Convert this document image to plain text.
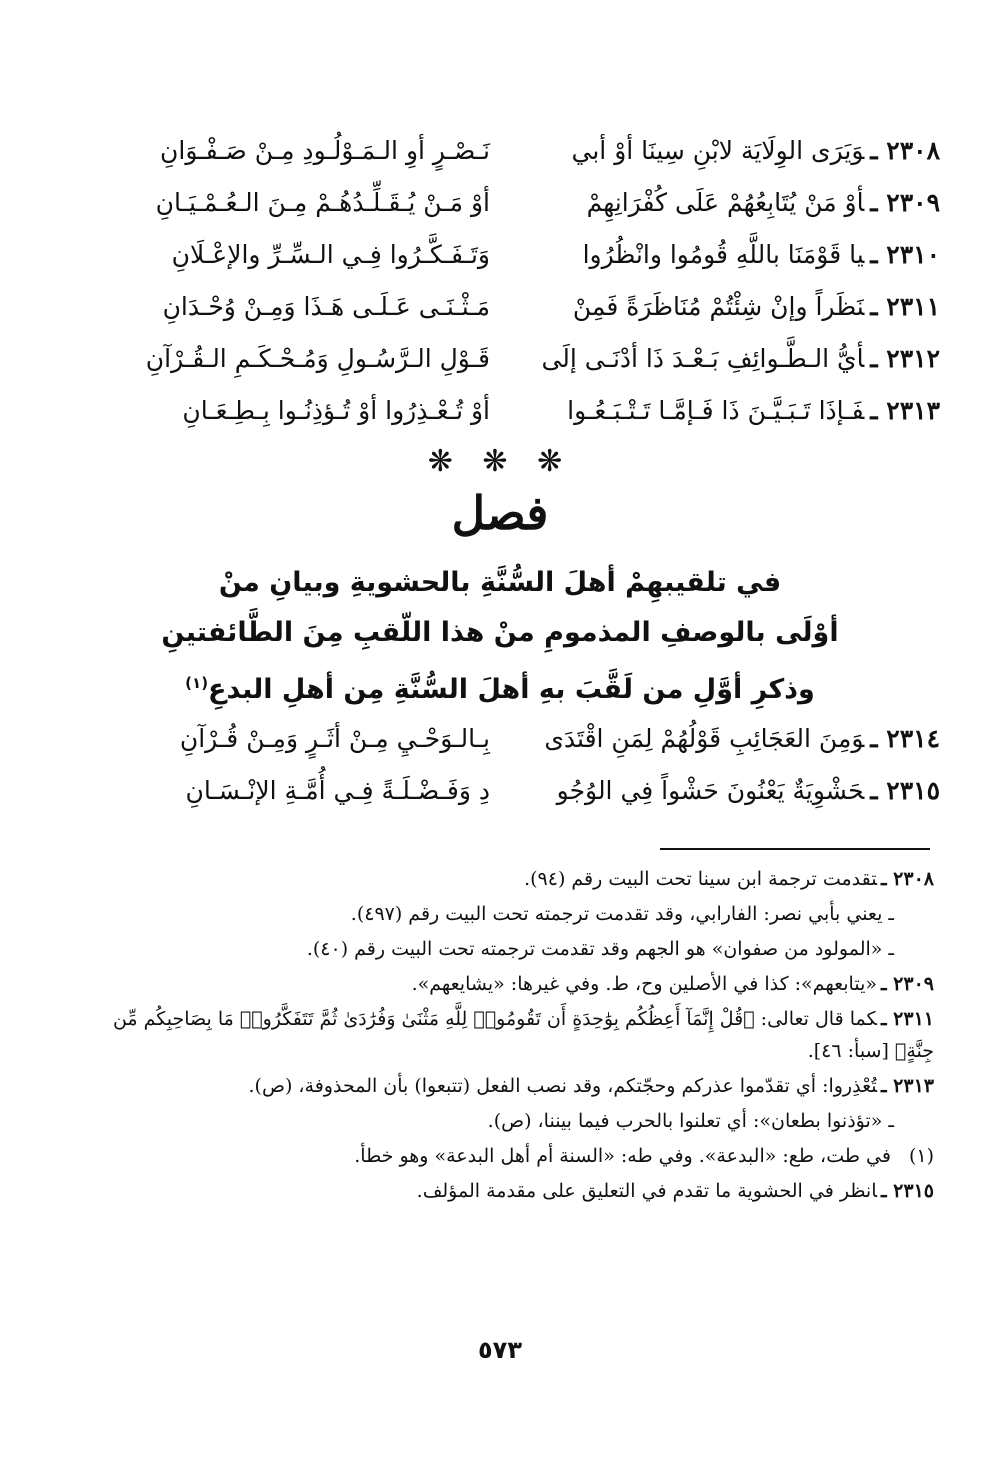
٢٣٠٨ ـوَيَرَى الوِلَايَة لابْنِ سِينَا أوْ أبي
نَـصْـرٍ أوِ الـمَـوْلُـودِ مِـنْ صَـفْـوَانِ
٢٣٠٩ ـأوْ مَنْ يُتَابِعُهُمْ عَلَى كُفْرَانِهِمْ
أوْ مَـنْ يُـقَـلِّـدُهُـمْ مِـنَ الـعُـمْـيَـانِ
٢٣١٠ ـيا قَوْمَنَا باللَّهِ قُومُوا وانْظُرُوا
وَتَـفَـكَّـرُوا فِـي الـسِّـرِّ والإعْـلَانِ
٢٣١١ ـنَظَراً وإنْ شِئْتُمْ مُنَاظَرَةً فَمِنْ
مَـثْـنَـى عَـلَـى هَـذَا وَمِـنْ وُحْـدَانِ
٢٣١٢ ـأيُّ الـطَّـوائِفِ بَـعْـدَ ذَا أدْنَـى إلَى
قَـوْلِ الـرَّسُـولِ وَمُـحْـكَـمِ الـقُـرْآنِ
٢٣١٣ ـفَـإذَا تَـبَـيَّـنَ ذَا فَـإمَّـا تَـتْـبَـعُـوا
أوْ تُـعْـذِرُوا أوْ تُـؤذِنُـوا بِـطِـعَـانِ
❋ ❋ ❋
فصل
في تلقيبهِمْ أهلَ السُّنَّةِ بالحشويةِ وبيانِ منْ
أوْلَى بالوصفِ المذمومِ منْ هذا اللّقبِ مِنَ الطَّائفتينِ
وذكرِ أوَّلِ من لَقَّبَ بهِ أهلَ السُّنَّةِ مِن أهلِ البدعِ$^{(١)}$
٢٣١٤ ـوَمِنَ العَجَائِبِ قَوْلُهُمْ لِمَنِ اقْتَدَى
بِـالـوَحْـيِ مِـنْ أثَـرٍ وَمِـنْ قُـرْآنِ
٢٣١٥ ـحَشْوِيَةٌ يَعْنُونَ حَشْواً فِي الوُجُو
دِ وَفَـضْـلَـةً فِـي أُمَّـةِ الإنْـسَـانِ
٢٣٠٨ ـتقدمت ترجمة ابن سينا تحت البيت رقم (٩٤).
ـ يعني بأبي نصر: الفارابي، وقد تقدمت ترجمته تحت البيت رقم (٤٩٧).
ـ «المولود من صفوان» هو الجهم وقد تقدمت ترجمته تحت البيت رقم (٤٠).
٢٣٠٩ ـ«يتابعهم»: كذا في الأصلين وح، ط. وفي غيرها: «يشايعهم».
٢٣١١ ـكما قال تعالى: ﴿قُلْ إِنَّمَآ أَعِظُكُم بِوَٰحِدَةٍ أَن تَقُومُوا۟ لِلَّهِ مَثْنَىٰ وَفُرَٰدَىٰ ثُمَّ تَتَفَكَّرُوا۟ مَا بِصَاحِبِكُم مِّن جِنَّةٍ﴾ [سبأ: ٤٦].
٢٣١٣ ـتُعْذِروا: أي تقدّموا عذركم وحجّتكم، وقد نصب الفعل (تتبعوا) بأن المحذوفة، (ص).
ـ «تؤذنوا بطعان»: أي تعلنوا بالحرب فيما بيننا، (ص).
(١)في طت، طع: «البدعة». وفي طه: «السنة أم أهل البدعة» وهو خطأ.
٢٣١٥ ـانظر في الحشوية ما تقدم في التعليق على مقدمة المؤلف.
٥٧٣
